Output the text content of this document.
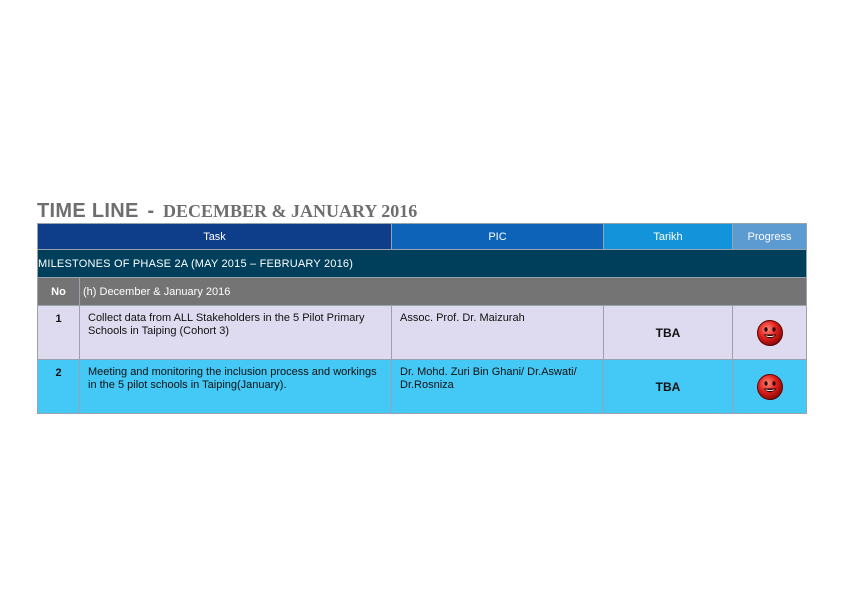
TIME LINE - DECEMBER & JANUARY 2016
Task		PIC	Tarikh	Progress
MILESTONES OF PHASE 2A (MAY 2015 – FEBRUARY 2016)				
No	(h) December & January 2016			
1	Collect data from ALL Stakeholders in the 5 Pilot Primary Schools in Taiping (Cohort 3)	Assoc. Prof. Dr. Maizurah	TBA	
2	Meeting and monitoring the inclusion process and workings in the 5 pilot schools in Taiping(January).	Dr. Mohd. Zuri Bin Ghani/ Dr.Aswati/ Dr.Rosniza	TBA	
